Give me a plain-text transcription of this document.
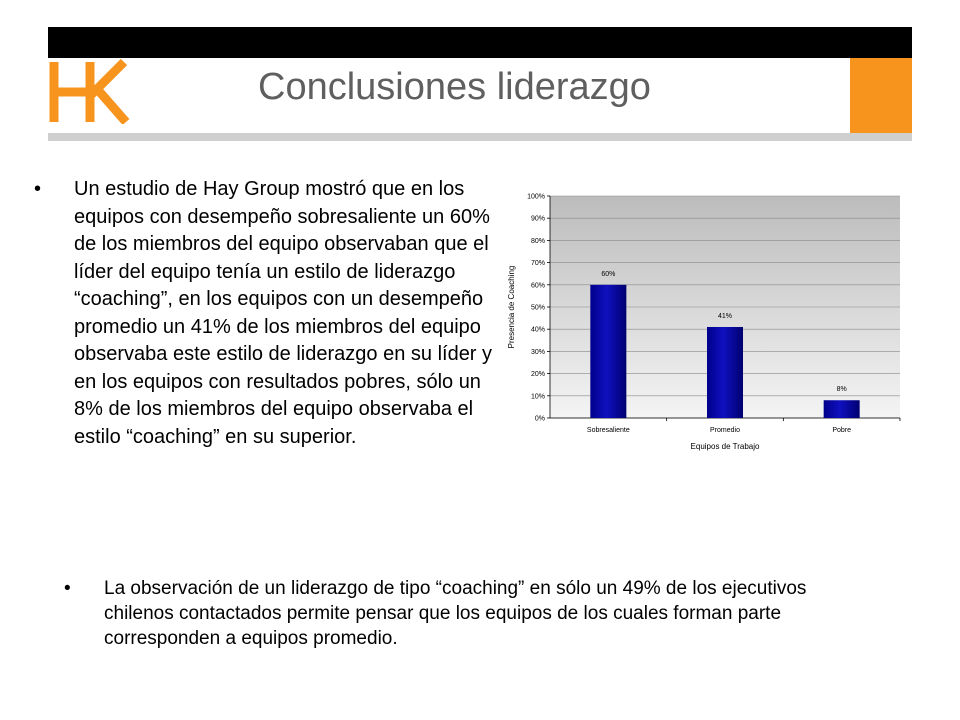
Conclusiones liderazgo
• Un estudio de Hay Group mostró que en los equipos con desempeño sobresaliente un 60% de los miembros del equipo observaban que el líder del equipo tenía un estilo de liderazgo “coaching”, en los equipos con un desempeño promedio un 41% de los miembros del equipo observaba este estilo de liderazgo en su líder y en los equipos con resultados pobres, sólo un 8% de los miembros del equipo observaba el estilo “coaching” en su superior.
0%
10%
20%
30%
40%
50%
60%
70%
80%
90%
100%
60%
Sobresaliente
41%
Promedio
8%
Pobre
Equipos de Trabajo
Presencia de Coaching
• La observación de un liderazgo de tipo “coaching” en sólo un 49% de los ejecutivos chilenos contactados permite pensar que los equipos de los cuales forman parte corresponden a equipos promedio.
